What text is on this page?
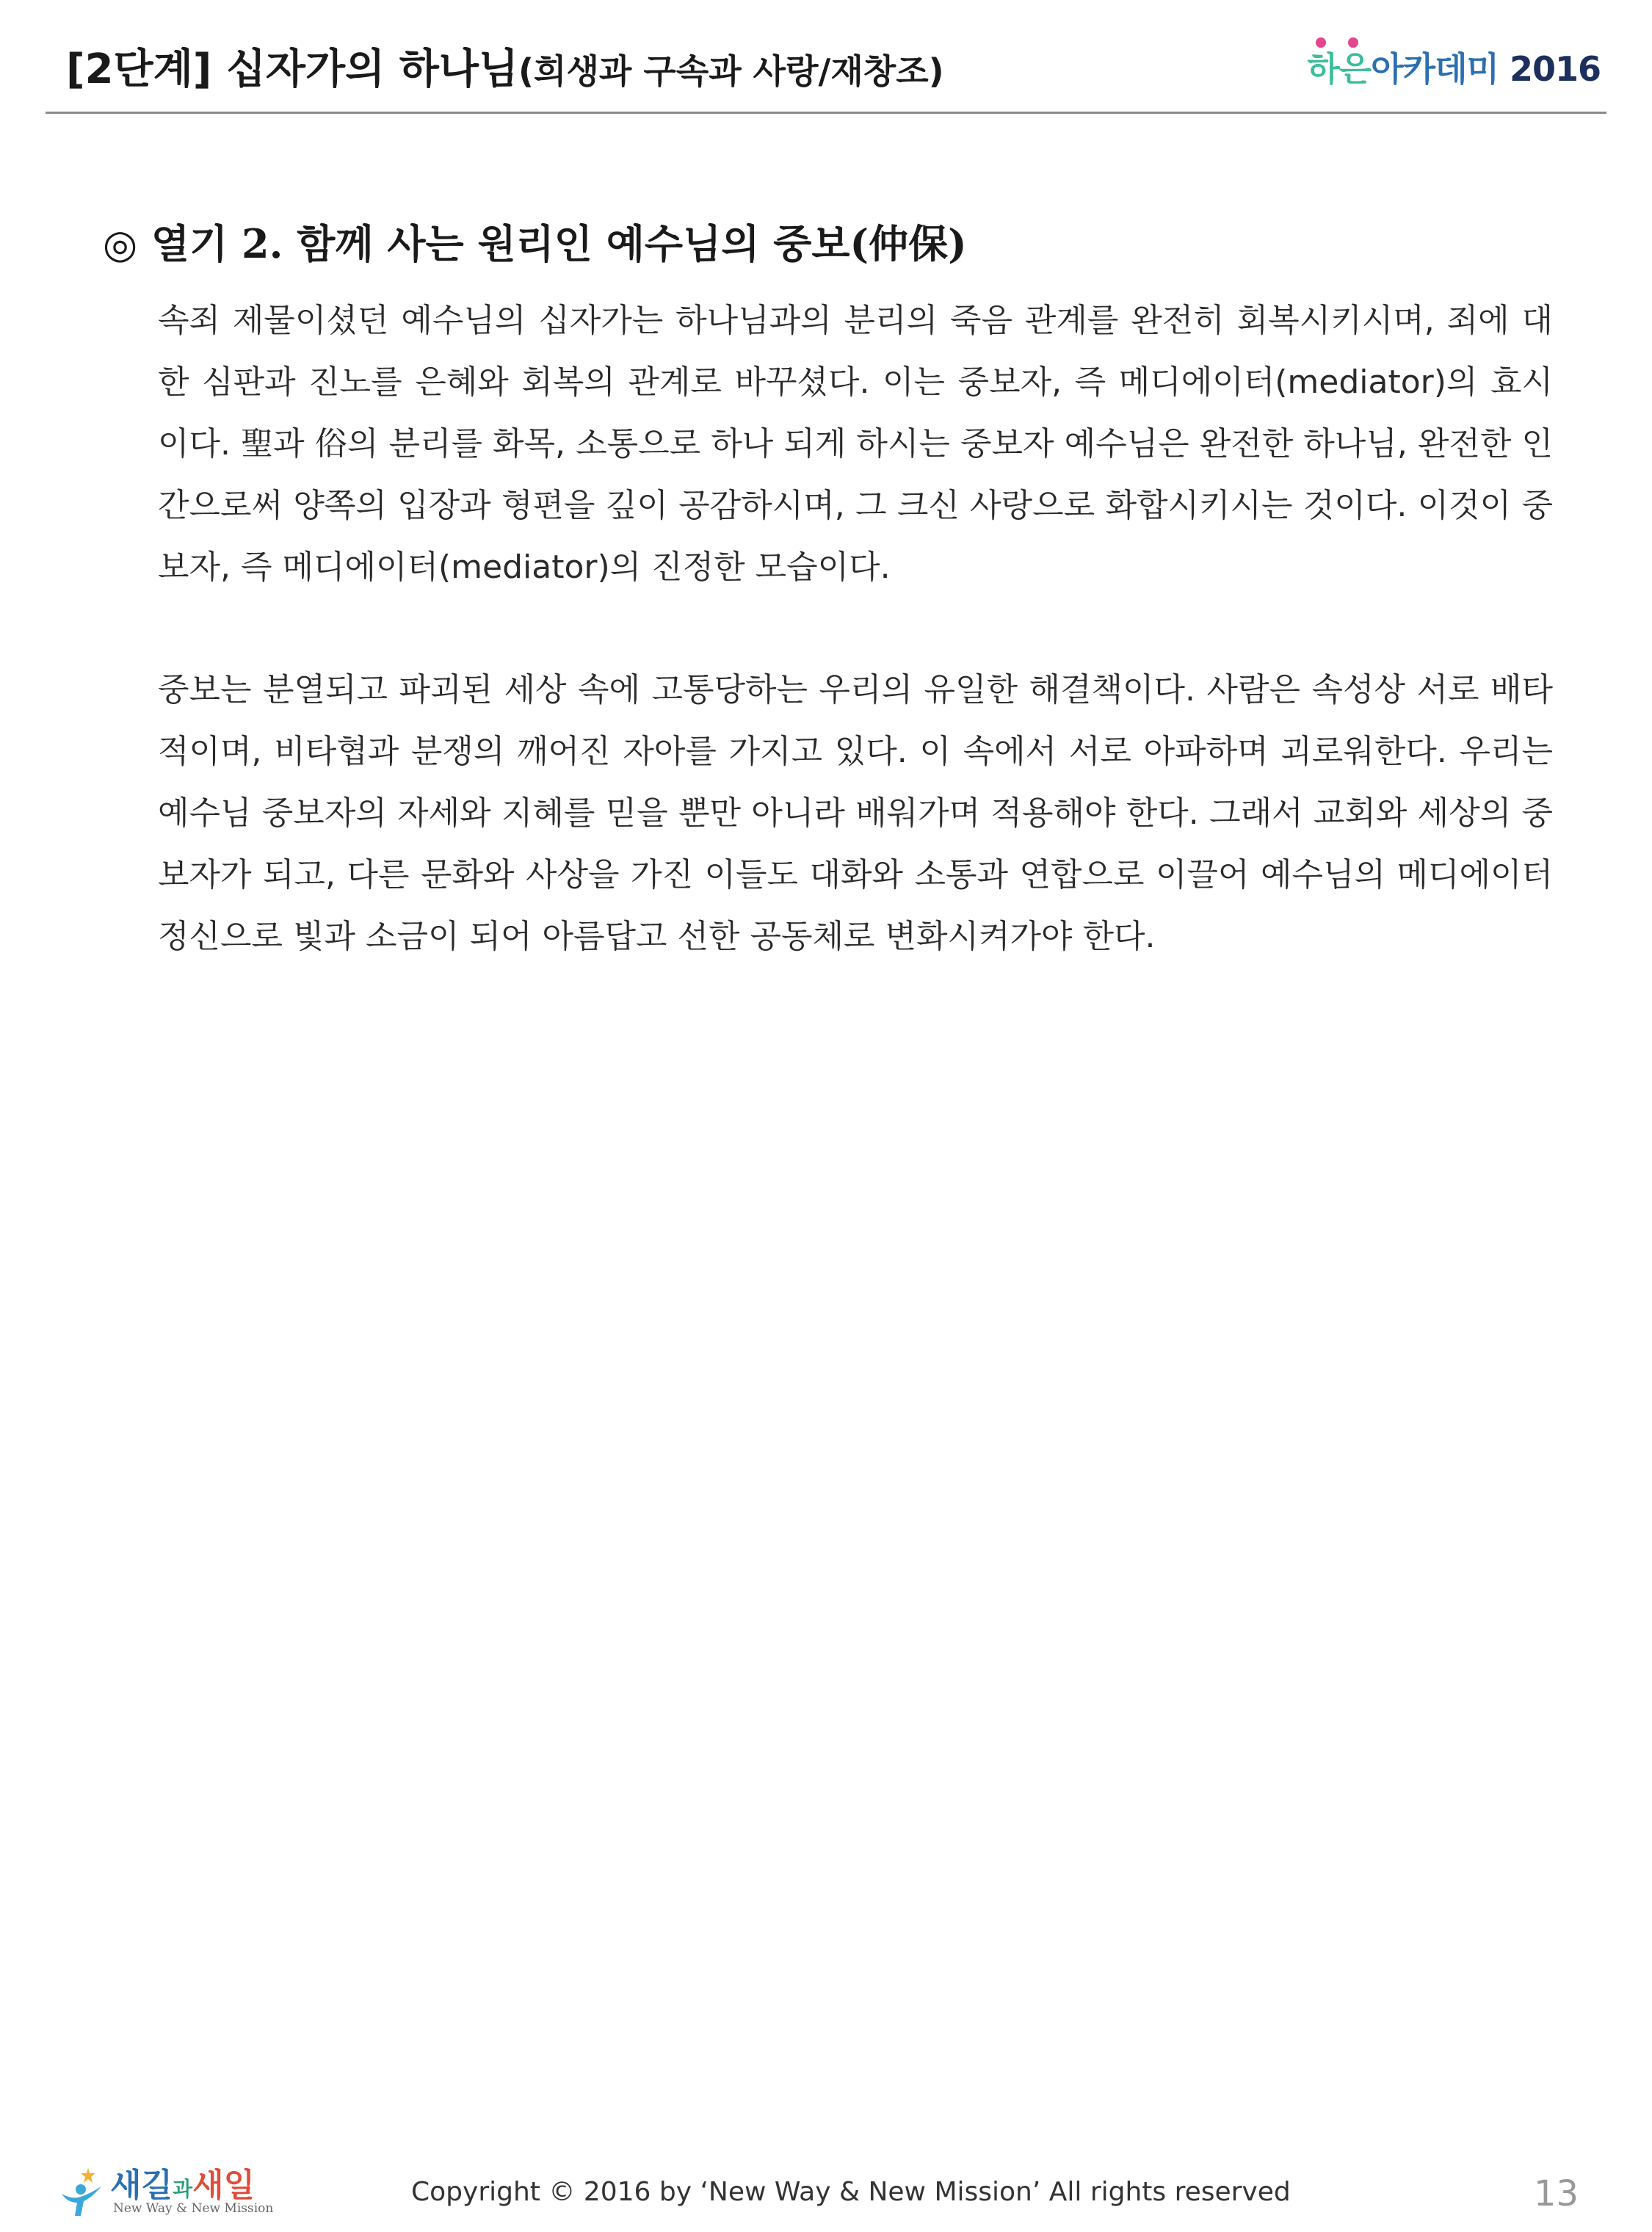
[2단계] 십자가의 하나님(희생과 구속과 사랑/재창조)	하은아카데미 2016
◎ 열기 2. 함께 사는 원리인 예수님의 중보(仲保)

속죄 제물이셨던 예수님의 십자가는 하나님과의 분리의 죽음 관계를 완전히 회복시키시며, 죄에 대한 심판과 진노를 은혜와 회복의 관계로 바꾸셨다. 이는 중보자, 즉 메디에이터(mediator)의 효시이다. 聖과 俗의 분리를 화목, 소통으로 하나 되게 하시는 중보자 예수님은 완전한 하나님, 완전한 인간으로써 양쪽의 입장과 형편을 깊이 공감하시며, 그 크신 사랑으로 화합시키시는 것이다. 이것이 중보자, 즉 메디에이터(mediator)의 진정한 모습이다.

중보는 분열되고 파괴된 세상 속에 고통당하는 우리의 유일한 해결책이다. 사람은 속성상 서로 배타적이며, 비타협과 분쟁의 깨어진 자아를 가지고 있다. 이 속에서 서로 아파하며 괴로워한다. 우리는 예수님 중보자의 자세와 지혜를 믿을 뿐만 아니라 배워가며 적용해야 한다. 그래서 교회와 세상의 중보자가 되고, 다른 문화와 사상을 가진 이들도 대화와 소통과 연합으로 이끌어 예수님의 메디에이터 정신으로 빛과 소금이 되어 아름답고 선한 공동체로 변화시켜가야 한다.

새길과새일
New Way & New Mission
Copyright © 2016 by ‘New Way & New Mission’ All rights reserved	13
